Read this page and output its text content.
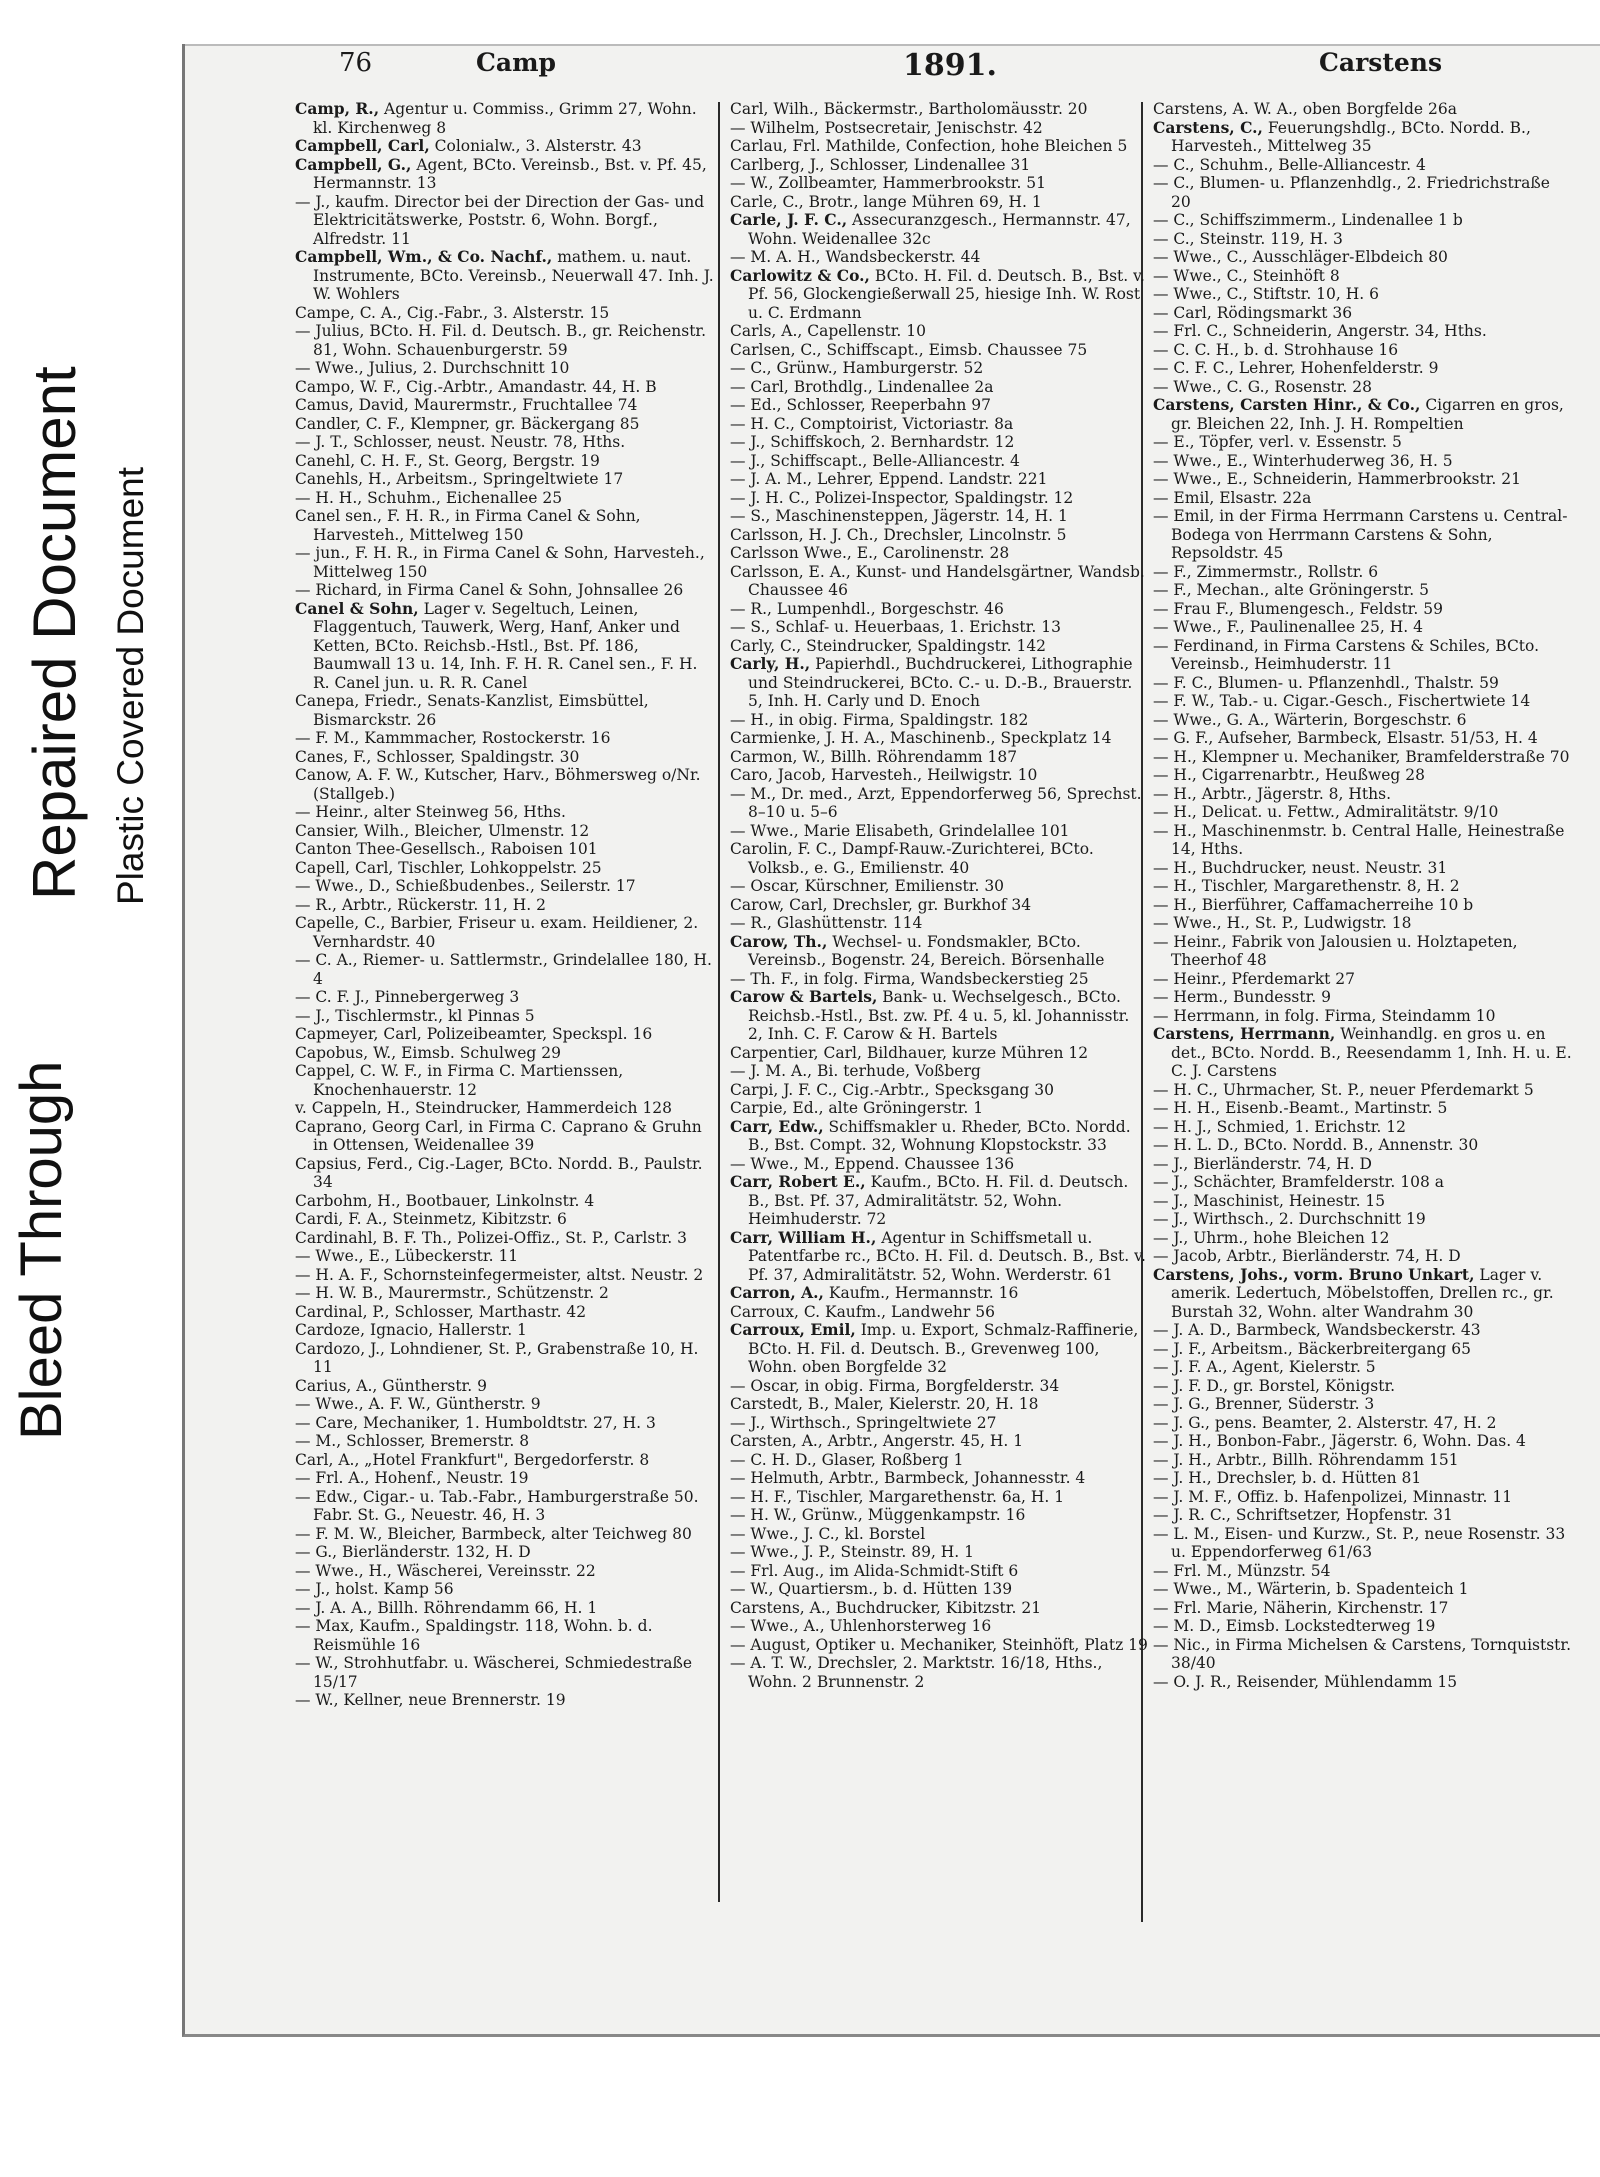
Bleed Through
Repaired Document Plastic Covered Document
76	Camp	1891.	Carstens

Camp, R., Agentur u. Commiss., Grimm 27, Wohn. kl. Kirchenweg 8

Campbell, Carl, Colonialw., 3. Alsterstr. 43

Campbell, G., Agent, BCto. Vereinsb., Bst. v. Pf. 45, Hermannstr. 13

— J., kaufm. Director bei der Direction der Gas- und Elektricitätswerke, Poststr. 6, Wohn. Borgf., Alfredstr. 11

Campbell, Wm., & Co. Nachf., mathem. u. naut. Instrumente, BCto. Vereinsb., Neuerwall 47. Inh. J. W. Wohlers

Campe, C. A., Cig.-Fabr., 3. Alsterstr. 15

— Julius, BCto. H. Fil. d. Deutsch. B., gr. Reichenstr. 81, Wohn. Schauenburgerstr. 59

— Wwe., Julius, 2. Durchschnitt 10

Campo, W. F., Cig.-Arbtr., Amandastr. 44, H. B

Camus, David, Maurermstr., Fruchtallee 74

Candler, C. F., Klempner, gr. Bäckergang 85

— J. T., Schlosser, neust. Neustr. 78, Hths.

Canehl, C. H. F., St. Georg, Bergstr. 19

Canehls, H., Arbeitsm., Springeltwiete 17

— H. H., Schuhm., Eichenallee 25

Canel sen., F. H. R., in Firma Canel & Sohn, Harvesteh., Mittelweg 150

— jun., F. H. R., in Firma Canel & Sohn, Harvesteh., Mittelweg 150

— Richard, in Firma Canel & Sohn, Johnsallee 26

Canel & Sohn, Lager v. Segeltuch, Leinen, Flaggentuch, Tauwerk, Werg, Hanf, Anker und Ketten, BCto. Reichsb.-Hstl., Bst. Pf. 186, Baumwall 13 u. 14, Inh. F. H. R. Canel sen., F. H. R. Canel jun. u. R. R. Canel

Canepa, Friedr., Senats-Kanzlist, Eimsbüttel, Bismarckstr. 26

— F. M., Kammmacher, Rostockerstr. 16

Canes, F., Schlosser, Spaldingstr. 30

Canow, A. F. W., Kutscher, Harv., Böhmersweg o/Nr. (Stallgeb.)

— Heinr., alter Steinweg 56, Hths.

Cansier, Wilh., Bleicher, Ulmenstr. 12

Canton Thee-Gesellsch., Raboisen 101

Capell, Carl, Tischler, Lohkoppelstr. 25

— Wwe., D., Schießbudenbes., Seilerstr. 17

— R., Arbtr., Rückerstr. 11, H. 2

Capelle, C., Barbier, Friseur u. exam. Heildiener, 2. Vernhardstr. 40

— C. A., Riemer- u. Sattlermstr., Grindelallee 180, H. 4

— C. F. J., Pinnebergerweg 3

— J., Tischlermstr., kl Pinnas 5

Capmeyer, Carl, Polizeibeamter, Speckspl. 16

Capobus, W., Eimsb. Schulweg 29

Cappel, C. W. F., in Firma C. Martienssen, Knochenhauerstr. 12

v. Cappeln, H., Steindrucker, Hammerdeich 128

Caprano, Georg Carl, in Firma C. Caprano & Gruhn in Ottensen, Weidenallee 39

Capsius, Ferd., Cig.-Lager, BCto. Nordd. B., Paulstr. 34

Carbohm, H., Bootbauer, Linkolnstr. 4

Cardi, F. A., Steinmetz, Kibitzstr. 6

Cardinahl, B. F. Th., Polizei-Offiz., St. P., Carlstr. 3

— Wwe., E., Lübeckerstr. 11

— H. A. F., Schornsteinfegermeister, altst. Neustr. 2

— H. W. B., Maurermstr., Schützenstr. 2

Cardinal, P., Schlosser, Marthastr. 42

Cardoze, Ignacio, Hallerstr. 1

Cardozo, J., Lohndiener, St. P., Grabenstraße 10, H. 11

Carius, A., Güntherstr. 9

— Wwe., A. F. W., Güntherstr. 9

— Care, Mechaniker, 1. Humboldtstr. 27, H. 3

— M., Schlosser, Bremerstr. 8

Carl, A., „Hotel Frankfurt", Bergedorferstr. 8

— Frl. A., Hohenf., Neustr. 19

— Edw., Cigar.- u. Tab.-Fabr., Hamburgerstraße 50. Fabr. St. G., Neuestr. 46, H. 3

— F. M. W., Bleicher, Barmbeck, alter Teichweg 80

— G., Bierländerstr. 132, H. D

— Wwe., H., Wäscherei, Vereinsstr. 22

— J., holst. Kamp 56

— J. A. A., Billh. Röhrendamm 66, H. 1

— Max, Kaufm., Spaldingstr. 118, Wohn. b. d. Reismühle 16

— W., Strohhutfabr. u. Wäscherei, Schmiedestraße 15/17

— W., Kellner, neue Brennerstr. 19

Carl, Wilh., Bäckermstr., Bartholomäusstr. 20

— Wilhelm, Postsecretair, Jenischstr. 42

Carlau, Frl. Mathilde, Confection, hohe Bleichen 5

Carlberg, J., Schlosser, Lindenallee 31

— W., Zollbeamter, Hammerbrookstr. 51

Carle, C., Brotr., lange Mühren 69, H. 1

Carle, J. F. C., Assecuranzgesch., Hermannstr. 47, Wohn. Weidenallee 32c

— M. A. H., Wandsbeckerstr. 44

Carlowitz & Co., BCto. H. Fil. d. Deutsch. B., Bst. v. Pf. 56, Glockengießerwall 25, hiesige Inh. W. Rost u. C. Erdmann

Carls, A., Capellenstr. 10

Carlsen, C., Schiffscapt., Eimsb. Chaussee 75

— C., Grünw., Hamburgerstr. 52

— Carl, Brothdlg., Lindenallee 2a

— Ed., Schlosser, Reeperbahn 97

— H. C., Comptoirist, Victoriastr. 8a

— J., Schiffskoch, 2. Bernhardstr. 12

— J., Schiffscapt., Belle-Alliancestr. 4

— J. A. M., Lehrer, Eppend. Landstr. 221

— J. H. C., Polizei-Inspector, Spaldingstr. 12

— S., Maschinensteppen, Jägerstr. 14, H. 1

Carlsson, H. J. Ch., Drechsler, Lincolnstr. 5

Carlsson Wwe., E., Carolinenstr. 28

Carlsson, E. A., Kunst- und Handelsgärtner, Wandsb. Chaussee 46

— R., Lumpenhdl., Borgeschstr. 46

— S., Schlaf- u. Heuerbaas, 1. Erichstr. 13

Carly, C., Steindrucker, Spaldingstr. 142

Carly, H., Papierhdl., Buchdruckerei, Lithographie und Steindruckerei, BCto. C.- u. D.-B., Brauerstr. 5, Inh. H. Carly und D. Enoch

— H., in obig. Firma, Spaldingstr. 182

Carmienke, J. H. A., Maschinenb., Speckplatz 14

Carmon, W., Billh. Röhrendamm 187

Caro, Jacob, Harvesteh., Heilwigstr. 10

— M., Dr. med., Arzt, Eppendorferweg 56, Sprechst. 8–10 u. 5–6

— Wwe., Marie Elisabeth, Grindelallee 101

Carolin, F. C., Dampf-Rauw.-Zurichterei, BCto. Volksb., e. G., Emilienstr. 40

— Oscar, Kürschner, Emilienstr. 30

Carow, Carl, Drechsler, gr. Burkhof 34

— R., Glashüttenstr. 114

Carow, Th., Wechsel- u. Fondsmakler, BCto. Vereinsb., Bogenstr. 24, Bereich. Börsenhalle

— Th. F., in folg. Firma, Wandsbeckerstieg 25

Carow & Bartels, Bank- u. Wechselgesch., BCto. Reichsb.-Hstl., Bst. zw. Pf. 4 u. 5, kl. Johannisstr. 2, Inh. C. F. Carow & H. Bartels

Carpentier, Carl, Bildhauer, kurze Mühren 12

— J. M. A., Bi. terhude, Voßberg

Carpi, J. F. C., Cig.-Arbtr., Specksgang 30

Carpie, Ed., alte Gröningerstr. 1

Carr, Edw., Schiffsmakler u. Rheder, BCto. Nordd. B., Bst. Compt. 32, Wohnung Klopstockstr. 33

— Wwe., M., Eppend. Chaussee 136

Carr, Robert E., Kaufm., BCto. H. Fil. d. Deutsch. B., Bst. Pf. 37, Admiralitätstr. 52, Wohn. Heimhuderstr. 72

Carr, William H., Agentur in Schiffsmetall u. Patentfarbe rc., BCto. H. Fil. d. Deutsch. B., Bst. v. Pf. 37, Admiralitätstr. 52, Wohn. Werderstr. 61

Carron, A., Kaufm., Hermannstr. 16

Carroux, C. Kaufm., Landwehr 56

Carroux, Emil, Imp. u. Export, Schmalz-Raffinerie, BCto. H. Fil. d. Deutsch. B., Grevenweg 100, Wohn. oben Borgfelde 32

— Oscar, in obig. Firma, Borgfelderstr. 34

Carstedt, B., Maler, Kielerstr. 20, H. 18

— J., Wirthsch., Springeltwiete 27

Carsten, A., Arbtr., Angerstr. 45, H. 1

— C. H. D., Glaser, Roßberg 1

— Helmuth, Arbtr., Barmbeck, Johannesstr. 4

— H. F., Tischler, Margarethenstr. 6a, H. 1

— H. W., Grünw., Müggenkampstr. 16

— Wwe., J. C., kl. Borstel

— Wwe., J. P., Steinstr. 89, H. 1

— Frl. Aug., im Alida-Schmidt-Stift 6

— W., Quartiersm., b. d. Hütten 139

Carstens, A., Buchdrucker, Kibitzstr. 21

— Wwe., A., Uhlenhorsterweg 16

— August, Optiker u. Mechaniker, Steinhöft, Platz 19

— A. T. W., Drechsler, 2. Marktstr. 16/18, Hths., Wohn. 2 Brunnenstr. 2

Carstens, A. W. A., oben Borgfelde 26a

Carstens, C., Feuerungshdlg., BCto. Nordd. B., Harvesteh., Mittelweg 35

— C., Schuhm., Belle-Alliancestr. 4

— C., Blumen- u. Pflanzenhdlg., 2. Friedrichstraße 20

— C., Schiffszimmerm., Lindenallee 1 b

— C., Steinstr. 119, H. 3

— Wwe., C., Ausschläger-Elbdeich 80

— Wwe., C., Steinhöft 8

— Wwe., C., Stiftstr. 10, H. 6

— Carl, Rödingsmarkt 36

— Frl. C., Schneiderin, Angerstr. 34, Hths.

— C. C. H., b. d. Strohhause 16

— C. F. C., Lehrer, Hohenfelderstr. 9

— Wwe., C. G., Rosenstr. 28

Carstens, Carsten Hinr., & Co., Cigarren en gros, gr. Bleichen 22, Inh. J. H. Rompeltien

— E., Töpfer, verl. v. Essenstr. 5

— Wwe., E., Winterhuderweg 36, H. 5

— Wwe., E., Schneiderin, Hammerbrookstr. 21

— Emil, Elsastr. 22a

— Emil, in der Firma Herrmann Carstens u. Central-Bodega von Herrmann Carstens & Sohn, Repsoldstr. 45

— F., Zimmermstr., Rollstr. 6

— F., Mechan., alte Gröningerstr. 5

— Frau F., Blumengesch., Feldstr. 59

— Wwe., F., Paulinenallee 25, H. 4

— Ferdinand, in Firma Carstens & Schiles, BCto. Vereinsb., Heimhuderstr. 11

— F. C., Blumen- u. Pflanzenhdl., Thalstr. 59

— F. W., Tab.- u. Cigar.-Gesch., Fischertwiete 14

— Wwe., G. A., Wärterin, Borgeschstr. 6

— G. F., Aufseher, Barmbeck, Elsastr. 51/53, H. 4

— H., Klempner u. Mechaniker, Bramfelderstraße 70

— H., Cigarrenarbtr., Heußweg 28

— H., Arbtr., Jägerstr. 8, Hths.

— H., Delicat. u. Fettw., Admiralitätstr. 9/10

— H., Maschinenmstr. b. Central Halle, Heinestraße 14, Hths.

— H., Buchdrucker, neust. Neustr. 31

— H., Tischler, Margarethenstr. 8, H. 2

— H., Bierführer, Caffamacherreihe 10 b

— Wwe., H., St. P., Ludwigstr. 18

— Heinr., Fabrik von Jalousien u. Holztapeten, Theerhof 48

— Heinr., Pferdemarkt 27

— Herm., Bundesstr. 9

— Herrmann, in folg. Firma, Steindamm 10

Carstens, Herrmann, Weinhandlg. en gros u. en det., BCto. Nordd. B., Reesendamm 1, Inh. H. u. E. C. J. Carstens

— H. C., Uhrmacher, St. P., neuer Pferdemarkt 5

— H. H., Eisenb.-Beamt., Martinstr. 5

— H. J., Schmied, 1. Erichstr. 12

— H. L. D., BCto. Nordd. B., Annenstr. 30

— J., Bierländerstr. 74, H. D

— J., Schächter, Bramfelderstr. 108 a

— J., Maschinist, Heinestr. 15

— J., Wirthsch., 2. Durchschnitt 19

— J., Uhrm., hohe Bleichen 12

— Jacob, Arbtr., Bierländerstr. 74, H. D

Carstens, Johs., vorm. Bruno Unkart, Lager v. amerik. Ledertuch, Möbelstoffen, Drellen rc., gr. Burstah 32, Wohn. alter Wandrahm 30

— J. A. D., Barmbeck, Wandsbeckerstr. 43

— J. F., Arbeitsm., Bäckerbreitergang 65

— J. F. A., Agent, Kielerstr. 5

— J. F. D., gr. Borstel, Königstr.

— J. G., Brenner, Süderstr. 3

— J. G., pens. Beamter, 2. Alsterstr. 47, H. 2

— J. H., Bonbon-Fabr., Jägerstr. 6, Wohn. Das. 4

— J. H., Arbtr., Billh. Röhrendamm 151

— J. H., Drechsler, b. d. Hütten 81

— J. M. F., Offiz. b. Hafenpolizei, Minnastr. 11

— J. R. C., Schriftsetzer, Hopfenstr. 31

— L. M., Eisen- und Kurzw., St. P., neue Rosenstr. 33 u. Eppendorferweg 61/63

— Frl. M., Münzstr. 54

— Wwe., M., Wärterin, b. Spadenteich 1

— Frl. Marie, Näherin, Kirchenstr. 17

— M. D., Eimsb. Lockstedterweg 19

— Nic., in Firma Michelsen & Carstens, Tornquiststr. 38/40

— O. J. R., Reisender, Mühlendamm 15
